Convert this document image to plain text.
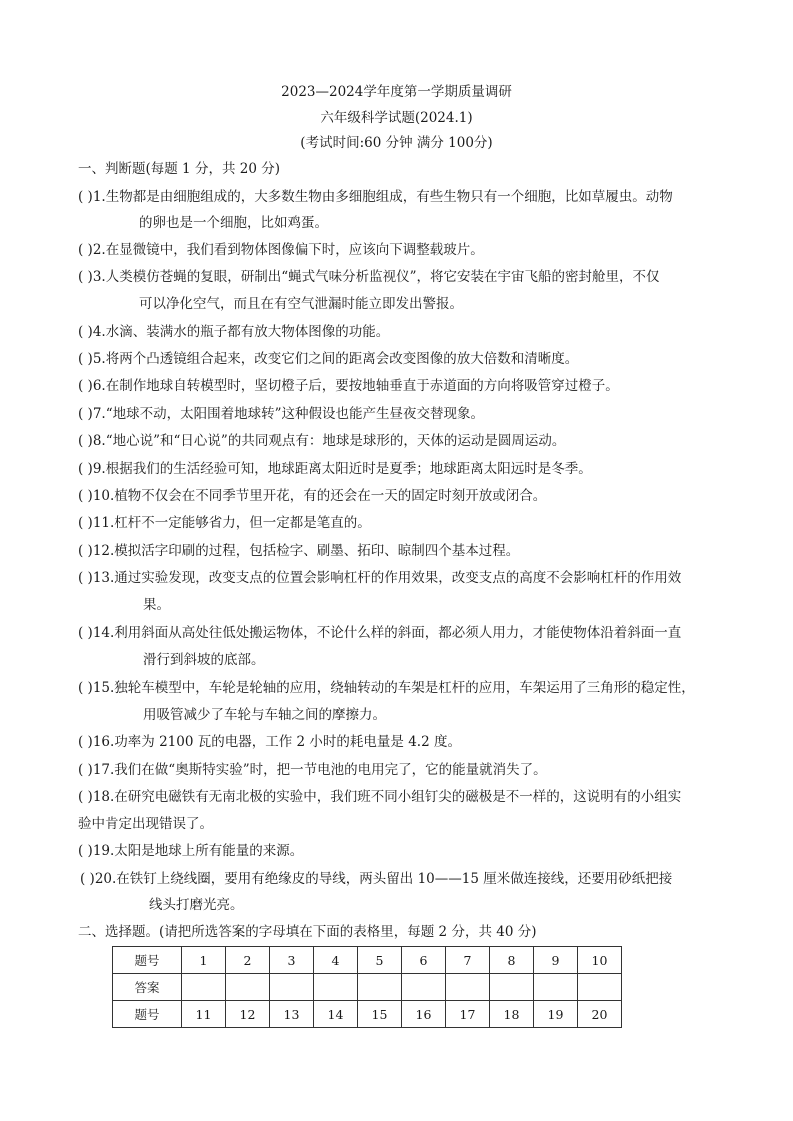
2023—2024学年度第一学期质量调研
六年级科学试题(2024.1)
(考试时间:60 分钟 满分 100分)
一、判断题(每题 1 分，共 20 分)
( )1.生物都是由细胞组成的，大多数生物由多细胞组成，有些生物只有一个细胞，比如草履虫。动物
的卵也是一个细胞，比如鸡蛋。
( )2.在显微镜中，我们看到物体图像偏下时，应该向下调整载玻片。
( )3.人类模仿苍蝇的复眼，研制出“蝇式气味分析监视仪”，将它安装在宇宙飞船的密封舱里，不仅
可以净化空气，而且在有空气泄漏时能立即发出警报。
( )4.水滴、装满水的瓶子都有放大物体图像的功能。
( )5.将两个凸透镜组合起来，改变它们之间的距离会改变图像的放大倍数和清晰度。
( )6.在制作地球自转模型时，坚切橙子后，要按地轴垂直于赤道面的方向将吸管穿过橙子。
( )7.“地球不动，太阳围着地球转”这种假设也能产生昼夜交替现象。
( )8.“地心说”和“日心说”的共同观点有：地球是球形的，天体的运动是圆周运动。
( )9.根据我们的生活经验可知，地球距离太阳近时是夏季；地球距离太阳远时是冬季。
( )10.植物不仅会在不同季节里开花，有的还会在一天的固定时刻开放或闭合。
( )11.杠杆不一定能够省力，但一定都是笔直的。
( )12.模拟活字印刷的过程，包括检字、刷墨、拓印、晾制四个基本过程。
( )13.通过实验发现，改变支点的位置会影响杠杆的作用效果，改变支点的高度不会影响杠杆的作用效
果。
( )14.利用斜面从高处往低处搬运物体，不论什么样的斜面，都必须人用力，才能使物体沿着斜面一直
滑行到斜坡的底部。
( )15.独轮车模型中，车轮是轮轴的应用，绕轴转动的车架是杠杆的应用，车架运用了三角形的稳定性，
用吸管减少了车轮与车轴之间的摩擦力。
( )16.功率为 2100 瓦的电器，工作 2 小时的耗电量是 4.2 度。
( )17.我们在做“奥斯特实验”时，把一节电池的电用完了，它的能量就消失了。
( )18.在研究电磁铁有无南北极的实验中，我们班不同小组钉尖的磁极是不一样的，这说明有的小组实
验中肯定出现错误了。
( )19.太阳是地球上所有能量的来源。
( )20.在铁钉上绕线圈，要用有绝缘皮的导线，两头留出 10——15 厘米做连接线，还要用砂纸把接
线头打磨光亮。
二、选择题。(请把所选答案的字母填在下面的表格里，每题 2 分，共 40 分)
题号	1	2	3	4	5	6	7	8	9	10
答案										
题号	11	12	13	14	15	16	17	18	19	20
